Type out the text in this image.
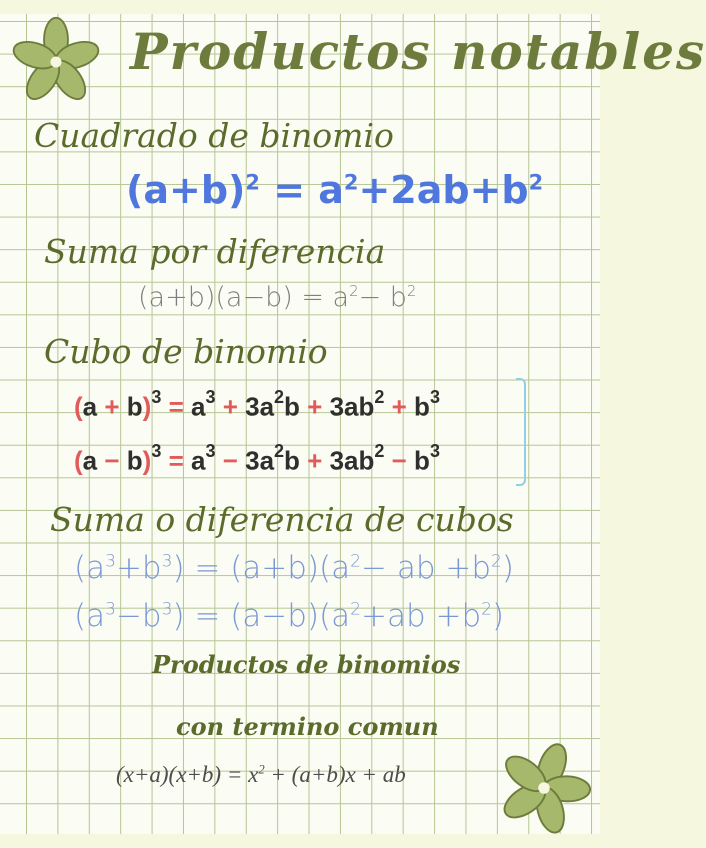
Productos notables
Cuadrado de binomio
$(a+b)^2 = a^2+2ab+b^2$
Suma por diferencia
$(a+b)(a-b) = a^2- b^2$
Cubo de binomio
$(a + b)^3 = a^3 + 3a^2b + 3ab^2 + b^3$
$(a - b)^3 = a^3 - 3a^2b + 3ab^2 - b^3$
Suma o diferencia de cubos
$(a^3+b^3) = (a+b)(a^2-$ ab $+b^2$)
$(a^3-b^3) = (a-b)(a^2+ab +b^2)$
Productos de binomios
con termino comun
$(x+a)(x+b) = x^2 + (a+b)x$ + ab
